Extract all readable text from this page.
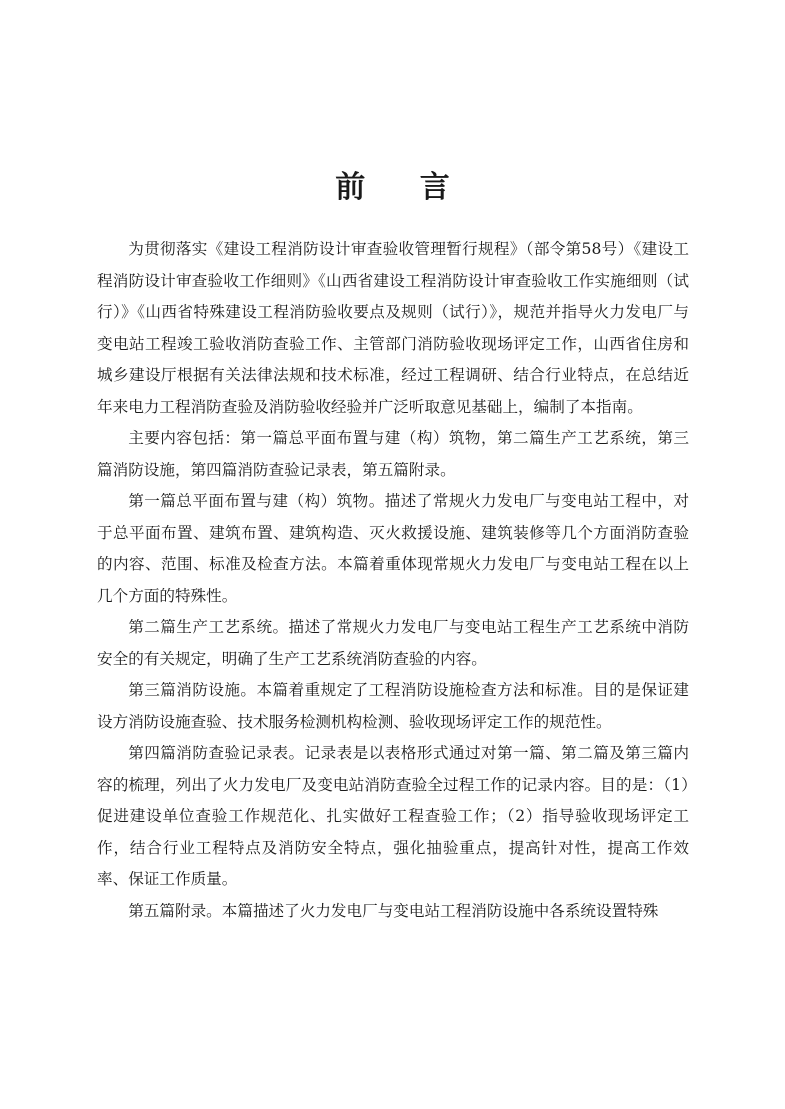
前 言

为贯彻落实《建设工程消防设计审查验收管理暂行规程》（部令第58号）《建设工程消防设计审查验收工作细则》《山西省建设工程消防设计审查验收工作实施细则（试行）》《山西省特殊建设工程消防验收要点及规则（试行）》，规范并指导火力发电厂与变电站工程竣工验收消防查验工作、主管部门消防验收现场评定工作，山西省住房和城乡建设厅根据有关法律法规和技术标准，经过工程调研、结合行业特点，在总结近年来电力工程消防查验及消防验收经验并广泛听取意见基础上，编制了本指南。

主要内容包括：第一篇总平面布置与建（构）筑物，第二篇生产工艺系统，第三篇消防设施，第四篇消防查验记录表，第五篇附录。

第一篇总平面布置与建（构）筑物。描述了常规火力发电厂与变电站工程中，对于总平面布置、建筑布置、建筑构造、灭火救援设施、建筑装修等几个方面消防查验的内容、范围、标准及检查方法。本篇着重体现常规火力发电厂与变电站工程在以上几个方面的特殊性。

第二篇生产工艺系统。描述了常规火力发电厂与变电站工程生产工艺系统中消防安全的有关规定，明确了生产工艺系统消防查验的内容。

第三篇消防设施。本篇着重规定了工程消防设施检查方法和标准。目的是保证建设方消防设施查验、技术服务检测机构检测、验收现场评定工作的规范性。

第四篇消防查验记录表。记录表是以表格形式通过对第一篇、第二篇及第三篇内容的梳理，列出了火力发电厂及变电站消防查验全过程工作的记录内容。目的是：（1）促进建设单位查验工作规范化、扎实做好工程查验工作；（2）指导验收现场评定工作，结合行业工程特点及消防安全特点，强化抽验重点，提高针对性，提高工作效率、保证工作质量。

第五篇附录。本篇描述了火力发电厂与变电站工程消防设施中各系统设置特殊
